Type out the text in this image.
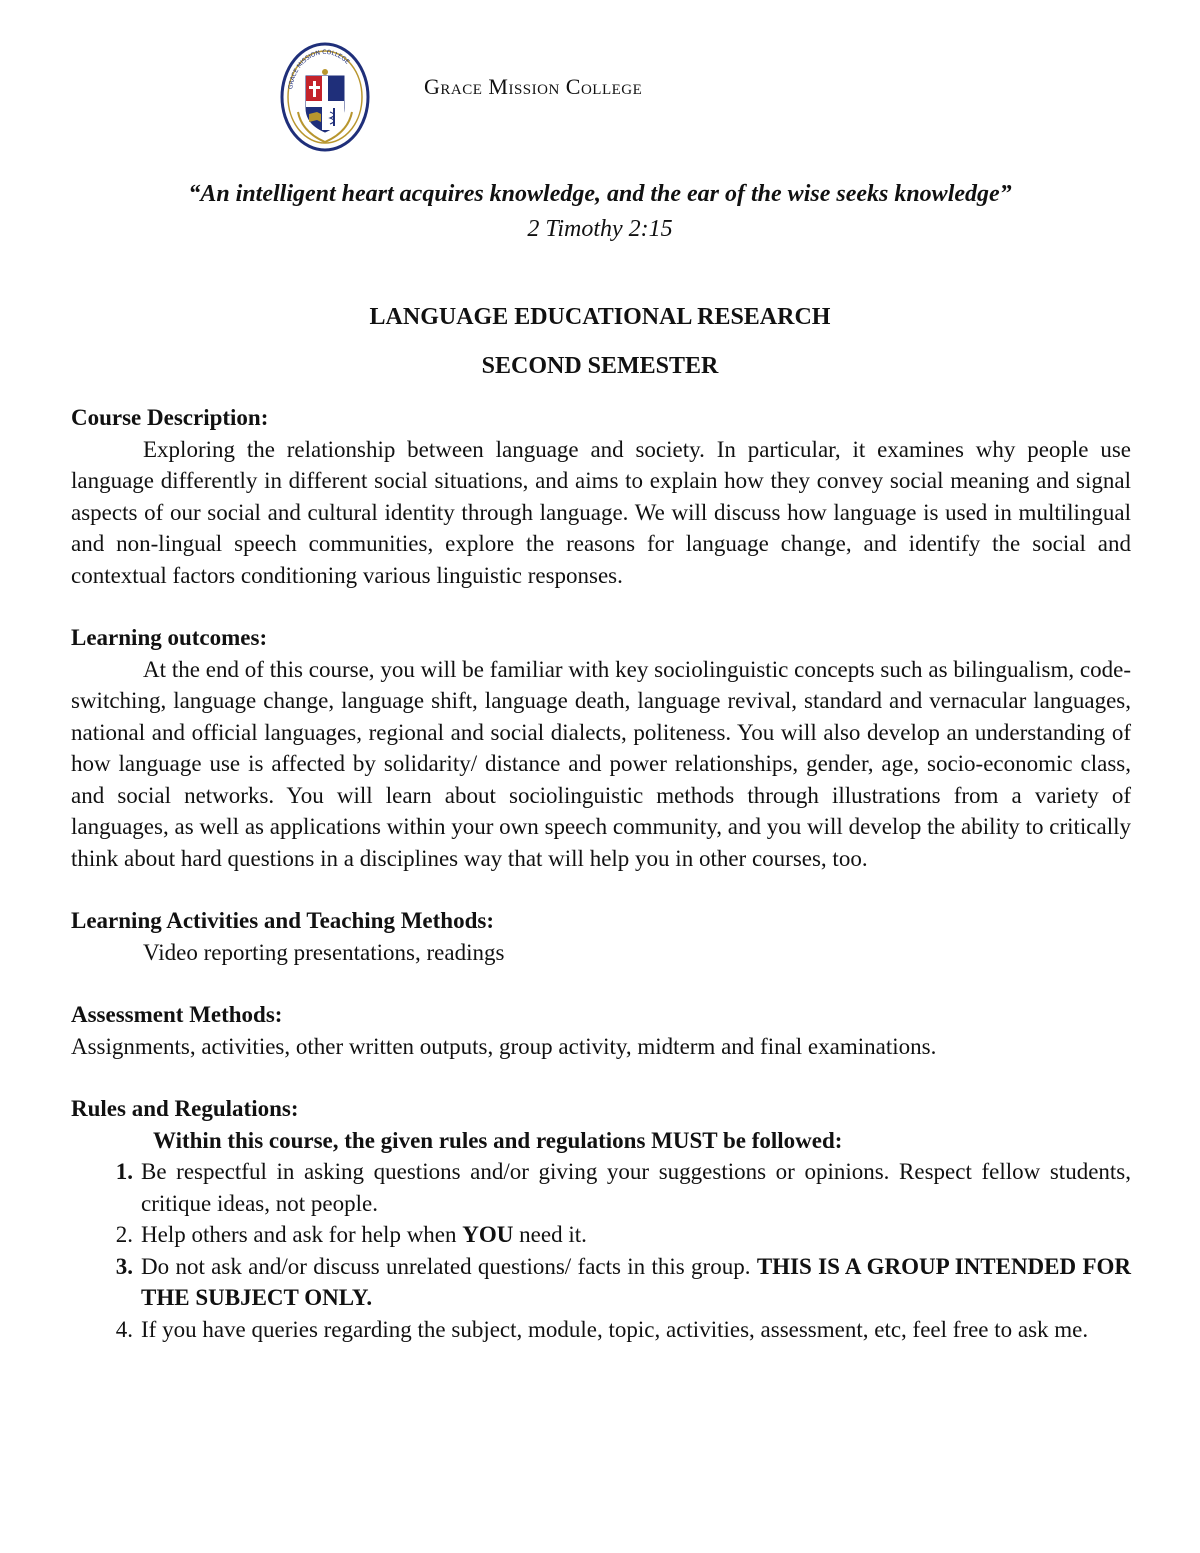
GRACE MISSION COLLEGE
Grace Mission College
“An intelligent heart acquires knowledge, and the ear of the wise seeks knowledge”
2 Timothy 2:15
LANGUAGE EDUCATIONAL RESEARCH
SECOND SEMESTER

Course Description:

Exploring the relationship between language and society. In particular, it examines why people use language differently in different social situations, and aims to explain how they convey social meaning and signal aspects of our social and cultural identity through language. We will discuss how language is used in multilingual and non-lingual speech communities, explore the reasons for language change, and identify the social and contextual factors conditioning various linguistic responses.

Learning outcomes:

At the end of this course, you will be familiar with key sociolinguistic concepts such as bilingualism, code- switching, language change, language shift, language death, language revival, standard and vernacular languages, national and official languages, regional and social dialects, politeness. You will also develop an understanding of how language use is affected by solidarity/ distance and power relationships, gender, age, socio-economic class, and social networks. You will learn about sociolinguistic methods through illustrations from a variety of languages, as well as applications within your own speech community, and you will develop the ability to critically think about hard questions in a disciplines way that will help you in other courses, too.

Learning Activities and Teaching Methods:

Video reporting presentations, readings

Assessment Methods:

Assignments, activities, other written outputs, group activity, midterm and final examinations.

Rules and Regulations:

Within this course, the given rules and regulations MUST be followed:

1. Be respectful in asking questions and/or giving your suggestions or opinions. Respect fellow students, critique ideas, not people.
2. Help others and ask for help when YOU need it.
3. Do not ask and/or discuss unrelated questions/ facts in this group. THIS IS A GROUP INTENDED FOR THE SUBJECT ONLY.
4. If you have queries regarding the subject, module, topic, activities, assessment, etc, feel free to ask me.
